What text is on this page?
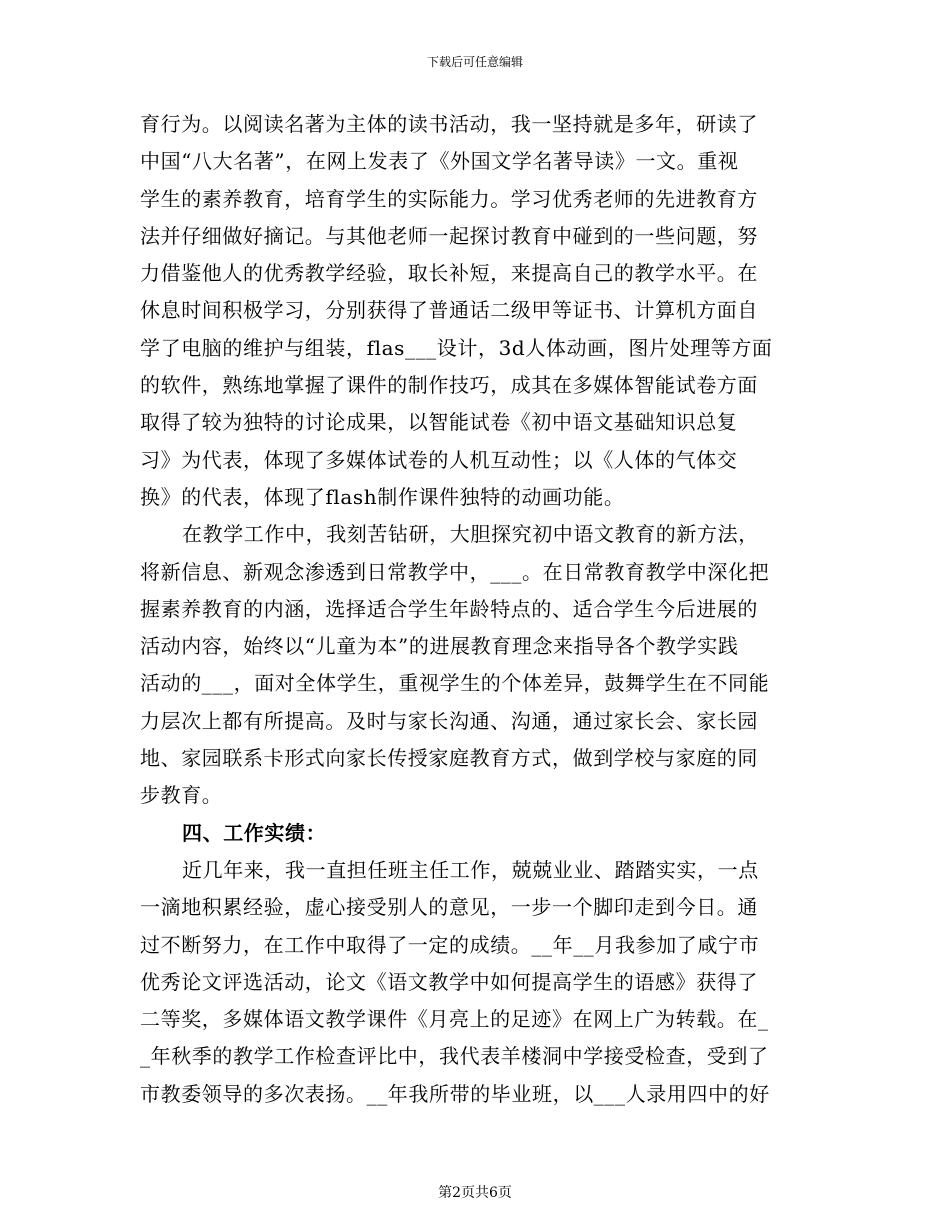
下载后可任意编辑
育行为。以阅读名著为主体的读书活动，我一坚持就是多年，研读了
中国“八大名著”，在网上发表了《外国文学名著导读》一文。重视
学生的素养教育，培育学生的实际能力。学习优秀老师的先进教育方
法并仔细做好摘记。与其他老师一起探讨教育中碰到的一些问题，努
力借鉴他人的优秀教学经验，取长补短，来提高自己的教学水平。在
休息时间积极学习，分别获得了普通话二级甲等证书、计算机方面自
学了电脑的维护与组装，flas___设计，3d人体动画，图片处理等方面
的软件，熟练地掌握了课件的制作技巧，成其在多媒体智能试卷方面
取得了较为独特的讨论成果，以智能试卷《初中语文基础知识总复
习》为代表，体现了多媒体试卷的人机互动性；以《人体的气体交
换》的代表，体现了flash制作课件独特的动画功能。
在教学工作中，我刻苦钻研，大胆探究初中语文教育的新方法，
将新信息、新观念渗透到日常教学中，___。在日常教育教学中深化把
握素养教育的内涵，选择适合学生年龄特点的、适合学生今后进展的
活动内容，始终以“儿童为本”的进展教育理念来指导各个教学实践
活动的___，面对全体学生，重视学生的个体差异，鼓舞学生在不同能
力层次上都有所提高。及时与家长沟通、沟通，通过家长会、家长园
地、家园联系卡形式向家长传授家庭教育方式，做到学校与家庭的同
步教育。
四、工作实绩：
近几年来，我一直担任班主任工作，兢兢业业、踏踏实实，一点
一滴地积累经验，虚心接受别人的意见，一步一个脚印走到今日。通
过不断努力，在工作中取得了一定的成绩。__年__月我参加了咸宁市
优秀论文评选活动，论文《语文教学中如何提高学生的语感》获得了
二等奖，多媒体语文教学课件《月亮上的足迹》在网上广为转载。在_
_年秋季的教学工作检查评比中，我代表羊楼洞中学接受检查，受到了
市教委领导的多次表扬。__年我所带的毕业班，以___人录用四中的好
第2页共6页
